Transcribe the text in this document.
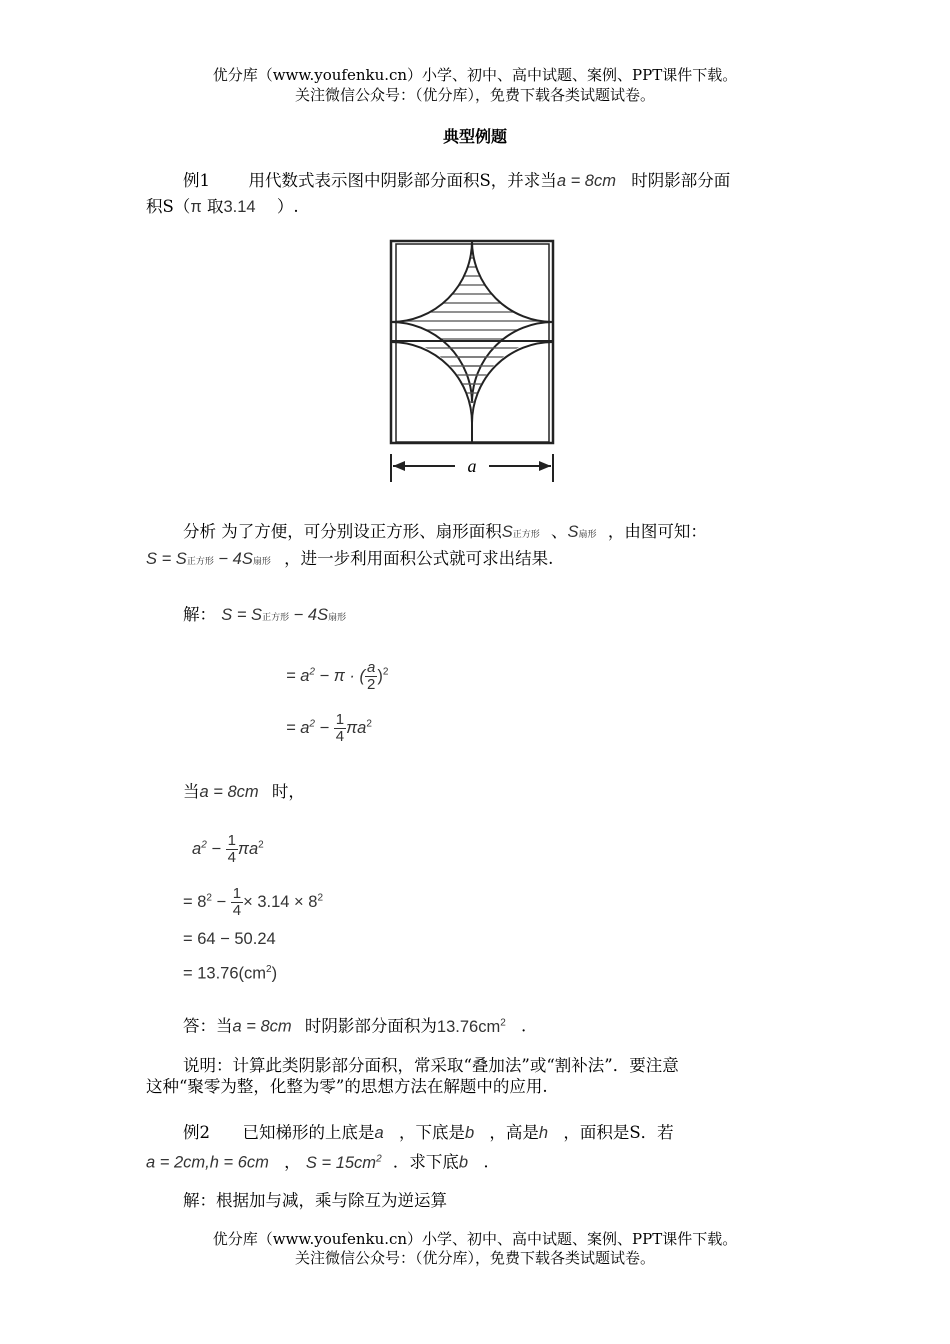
优分库（www.youfenku.cn）小学、初中、高中试题、案例、PPT课件下载。
关注微信公众号：（优分库），免费下载各类试题试卷。
典型例题
例1 用代数式表示图中阴影部分面积S，并求当a = 8cm 时阴影部分面
积S（π 取3.14 ）.
a
分析 为了方便，可分别设正方形、扇形面积S正方形 、S扇形 ，由图可知：
S = S正方形 − 4S扇形 ，进一步利用面积公式就可求出结果.
解： S = S正方形 − 4S扇形
= $a^2 - \pi$ · ( $\frac{a}{2} )^2$
= $a^2 - \frac{1}{4} \pi a^2$
当a = 8cm 时，
$a^2 - \frac{1}{4} \pi a^2$
= $8^2 - \frac{1}{4} \times 3.14 \times 8^2$
= 64 − 50.24
= $13.76(cm^2)$
答：当a = 8cm 时阴影部分面积为$13.76cm^2$ .
说明：计算此类阴影部分面积，常采取“叠加法”或“割补法”．要注意
这种“聚零为整，化整为零”的思想方法在解题中的应用.
例2 已知梯形的上底是a ，下底是b ，高是h ，面积是S．若
a = 2cm,h = 6cm ， $S = 15cm^2$ ．求下底b .
解：根据加与减，乘与除互为逆运算
优分库（www.youfenku.cn）小学、初中、高中试题、案例、PPT课件下载。
关注微信公众号：（优分库），免费下载各类试题试卷。
